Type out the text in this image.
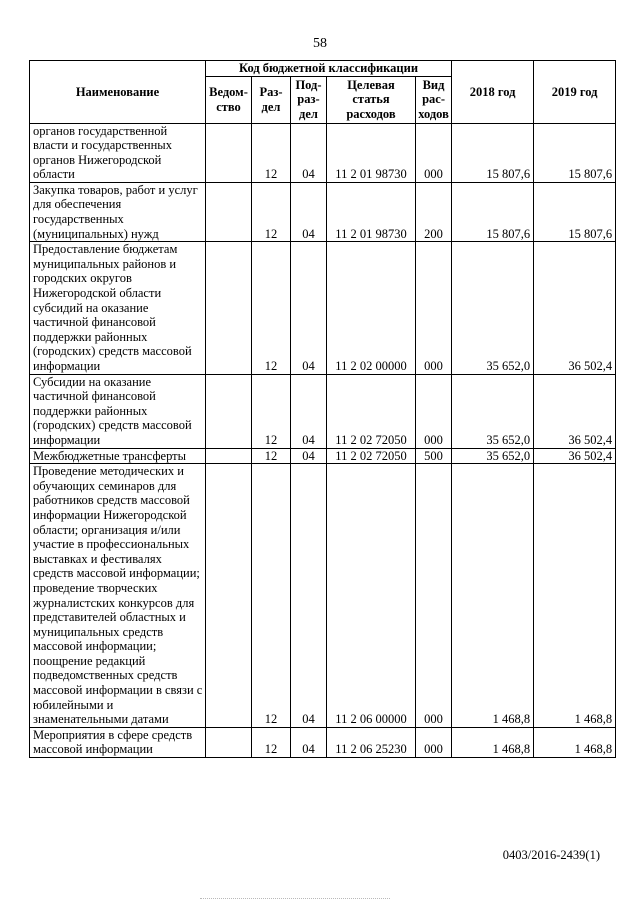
58
Наименование	Код бюджетной классификации					2018 год	2019 год
	Ведом-ство	Раз-дел	Под-раз-дел	Целевая статья расходов	Вид рас-ходов		
органов государственной власти и государственных органов Нижегородской области		12	04	11 2 01 98730	000	15 807,6	15 807,6
Закупка товаров, работ и услуг для обеспечения государственных (муниципальных) нужд		12	04	11 2 01 98730	200	15 807,6	15 807,6
Предоставление бюджетам муниципальных районов и городских округов Нижегородской области субсидий на оказание частичной финансовой поддержки районных (городских) средств массовой информации		12	04	11 2 02 00000	000	35 652,0	36 502,4
Субсидии на оказание частичной финансовой поддержки районных (городских) средств массовой информации		12	04	11 2 02 72050	000	35 652,0	36 502,4
Межбюджетные трансферты		12	04	11 2 02 72050	500	35 652,0	36 502,4
Проведение методических и обучающих семинаров для работников средств массовой информации Нижегородской области; организация и/или участие в профессиональных выставках и фестивалях средств массовой информации; проведение творческих журналистских конкурсов для представителей областных и муниципальных средств массовой информации; поощрение редакций подведомственных средств массовой информации в связи с юбилейными и знаменательными датами		12	04	11 2 06 00000	000	1 468,8	1 468,8
Мероприятия в сфере средств массовой информации		12	04	11 2 06 25230	000	1 468,8	1 468,8
0403/2016-2439(1)
